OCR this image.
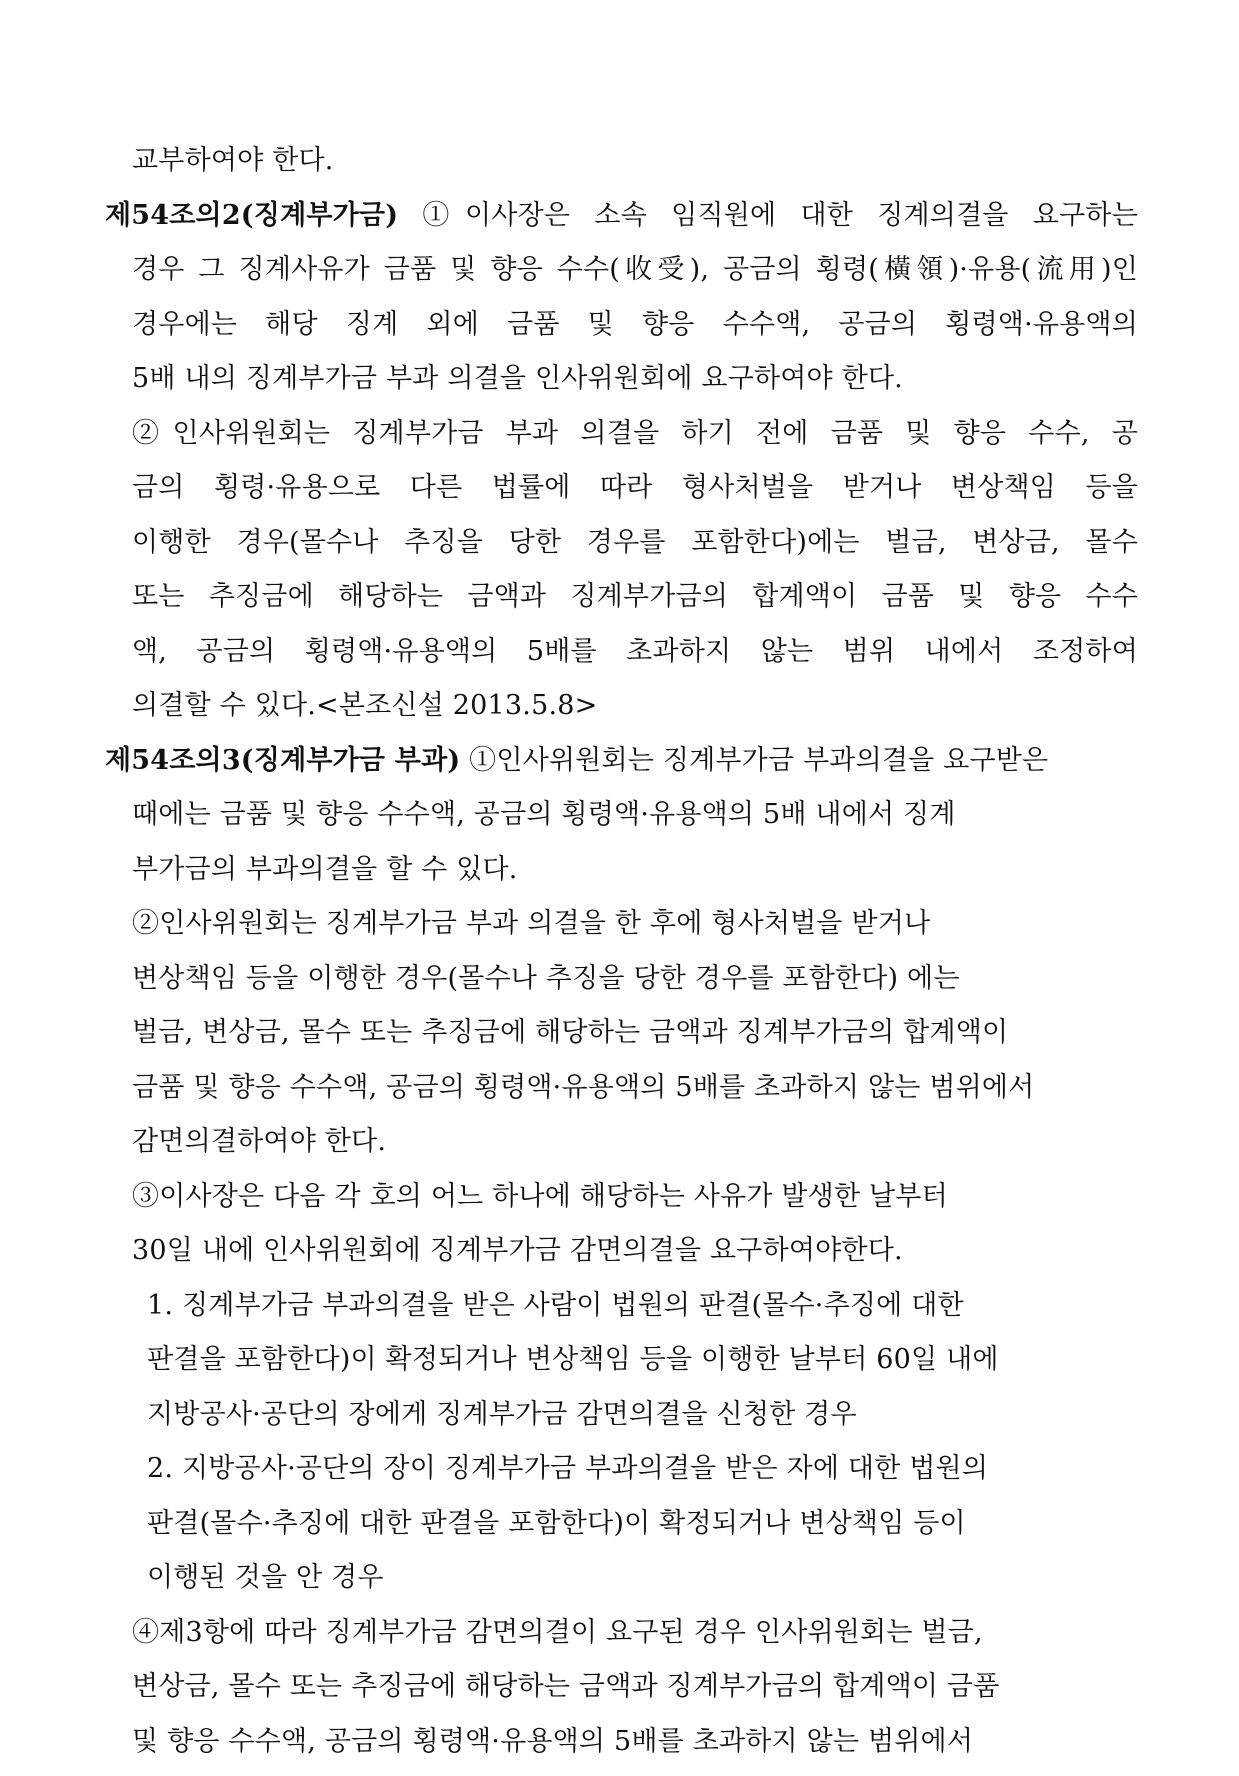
교부하여야 한다.
제54조의2(징계부가금) ①이사장은 소속 임직원에 대한 징계의결을 요구하는
경우 그 징계사유가 금품 및 향응 수수(收受), 공금의 횡령(橫領)·유용(流用)인
경우에는 해당 징계 외에 금품 및 향응 수수액, 공금의 횡령액·유용액의
5배 내의 징계부가금 부과 의결을 인사위원회에 요구하여야 한다.
②인사위원회는 징계부가금 부과 의결을 하기 전에 금품 및 향응 수수, 공
금의 횡령·유용으로 다른 법률에 따라 형사처벌을 받거나 변상책임 등을
이행한 경우(몰수나 추징을 당한 경우를 포함한다)에는 벌금, 변상금, 몰수
또는 추징금에 해당하는 금액과 징계부가금의 합계액이 금품 및 향응 수수
액, 공금의 횡령액·유용액의 5배를 초과하지 않는 범위 내에서 조정하여
의결할 수 있다.<본조신설 2013.5.8>
제54조의3(징계부가금 부과) ①인사위원회는 징계부가금 부과의결을 요구받은
때에는 금품 및 향응 수수액, 공금의 횡령액·유용액의 5배 내에서 징계
부가금의 부과의결을 할 수 있다.
②인사위원회는 징계부가금 부과 의결을 한 후에 형사처벌을 받거나
변상책임 등을 이행한 경우(몰수나 추징을 당한 경우를 포함한다) 에는
벌금, 변상금, 몰수 또는 추징금에 해당하는 금액과 징계부가금의 합계액이
금품 및 향응 수수액, 공금의 횡령액·유용액의 5배를 초과하지 않는 범위에서
감면의결하여야 한다.
③이사장은 다음 각 호의 어느 하나에 해당하는 사유가 발생한 날부터
30일 내에 인사위원회에 징계부가금 감면의결을 요구하여야한다.
1. 징계부가금 부과의결을 받은 사람이 법원의 판결(몰수·추징에 대한
판결을 포함한다)이 확정되거나 변상책임 등을 이행한 날부터 60일 내에
지방공사·공단의 장에게 징계부가금 감면의결을 신청한 경우
2. 지방공사·공단의 장이 징계부가금 부과의결을 받은 자에 대한 법원의
판결(몰수·추징에 대한 판결을 포함한다)이 확정되거나 변상책임 등이
이행된 것을 안 경우
④제3항에 따라 징계부가금 감면의결이 요구된 경우 인사위원회는 벌금,
변상금, 몰수 또는 추징금에 해당하는 금액과 징계부가금의 합계액이 금품
및 향응 수수액, 공금의 횡령액·유용액의 5배를 초과하지 않는 범위에서
